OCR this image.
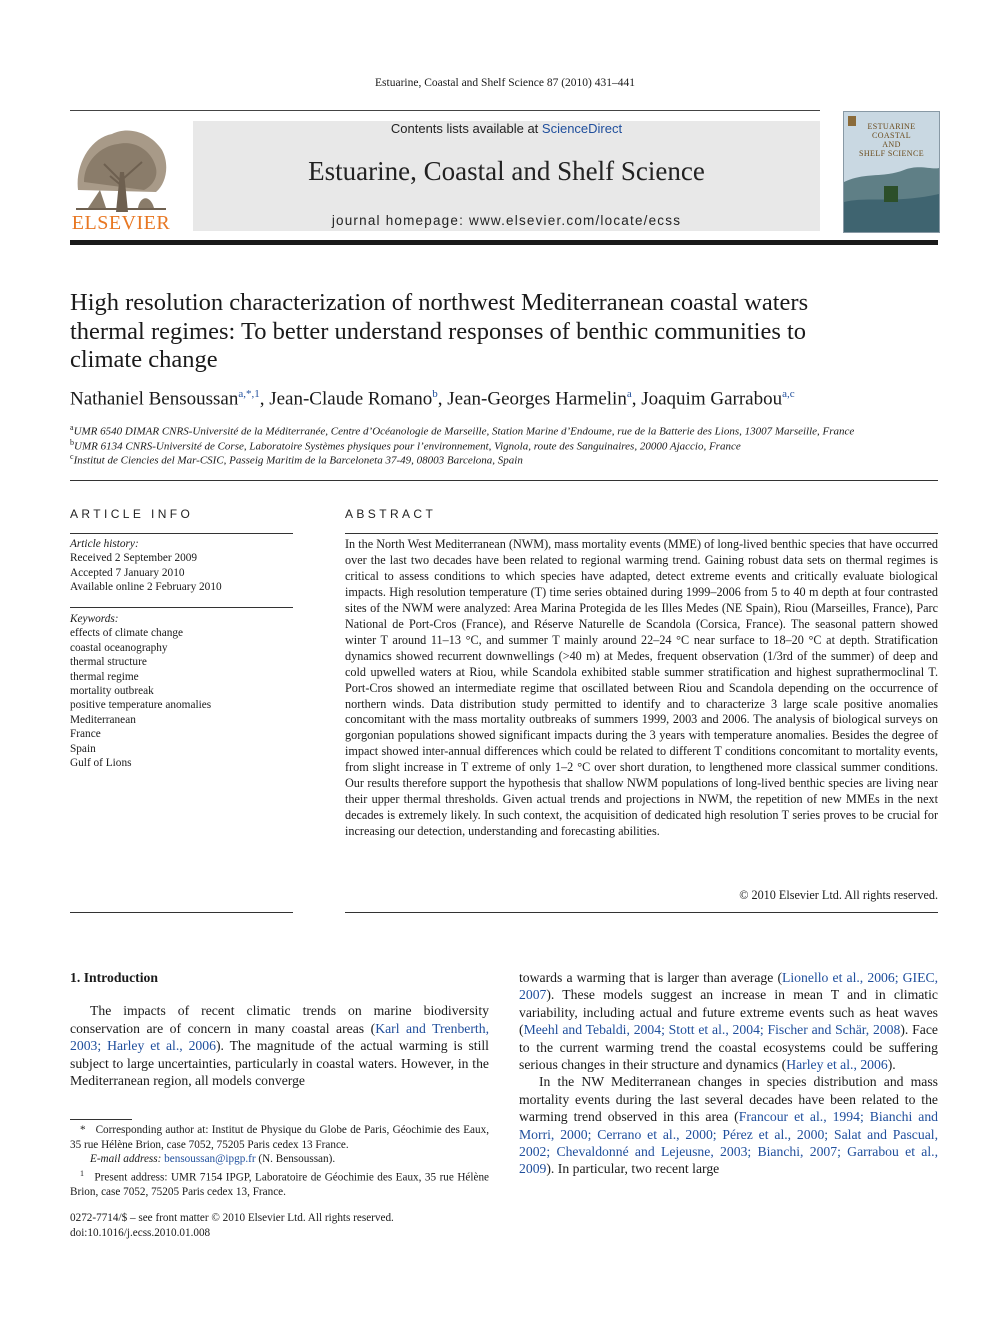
Estuarine, Coastal and Shelf Science 87 (2010) 431–441
ELSEVIER
Contents lists available at ScienceDirect
Estuarine, Coastal and Shelf Science
journal homepage: www.elsevier.com/locate/ecss
ESTUARINE
COASTAL
AND
SHELF SCIENCE
High resolution characterization of northwest Mediterranean coastal waters
thermal regimes: To better understand responses of benthic communities to
climate change
Nathaniel Bensoussan$^{a,*,1}$, Jean-Claude Romano$^b$, Jean-Georges Harmelin$^a$, Joaquim Garrabou$^{a,c}$
$^a$UMR 6540 DIMAR CNRS-Université de la Méditerranée, Centre d’Océanologie de Marseille, Station Marine d’Endoume, rue de la Batterie des Lions, 13007 Marseille, France
$^b$UMR 6134 CNRS-Université de Corse, Laboratoire Systèmes physiques pour l’environnement, Vignola, route des Sanguinaires, 20000 Ajaccio, France
$^c$Institut de Ciencies del Mar-CSIC, Passeig Maritim de la Barceloneta 37-49, 08003 Barcelona, Spain
ARTICLE INFO
Article history:
Received 2 September 2009
Accepted 7 January 2010
Available online 2 February 2010
Keywords:
effects of climate change
coastal oceanography
thermal structure
thermal regime
mortality outbreak
positive temperature anomalies
Mediterranean
France
Spain
Gulf of Lions
ABSTRACT
In the North West Mediterranean (NWM), mass mortality events (MME) of long-lived benthic species that have occurred over the last two decades have been related to regional warming trend. Gaining robust data sets on thermal regimes is critical to assess conditions to which species have adapted, detect extreme events and critically evaluate biological impacts. High resolution temperature (T) time series obtained during 1999–2006 from 5 to 40 m depth at four contrasted sites of the NWM were analyzed: Area Marina Protegida de les Illes Medes (NE Spain), Riou (Marseilles, France), Parc National de Port-Cros (France), and Réserve Naturelle de Scandola (Corsica, France). The seasonal pattern showed winter T around 11–13 °C, and summer T mainly around 22–24 °C near surface to 18–20 °C at depth. Stratification dynamics showed recurrent downwellings (>40 m) at Medes, frequent observation (1/3rd of the summer) of deep and cold upwelled waters at Riou, while Scandola exhibited stable summer stratification and highest suprathermoclinal T. Port-Cros showed an intermediate regime that oscillated between Riou and Scandola depending on the occurrence of northern winds. Data distribution study permitted to identify and to characterize 3 large scale positive anomalies concomitant with the mass mortality outbreaks of summers 1999, 2003 and 2006. The analysis of biological surveys on gorgonian populations showed significant impacts during the 3 years with temperature anomalies. Besides the degree of impact showed inter-annual differences which could be related to different T conditions concomitant to mortality events, from slight increase in T extreme of only 1–2 °C over short duration, to lengthened more classical summer conditions. Our results therefore support the hypothesis that shallow NWM populations of long-lived benthic species are living near their upper thermal thresholds. Given actual trends and projections in NWM, the repetition of new MMEs in the next decades is extremely likely. In such context, the acquisition of dedicated high resolution T series proves to be crucial for increasing our detection, understanding and forecasting abilities.
© 2010 Elsevier Ltd. All rights reserved.

1. Introduction

The impacts of recent climatic trends on marine biodiversity conservation are of concern in many coastal areas (Karl and Trenberth, 2003; Harley et al., 2006). The magnitude of the actual warming is still subject to large uncertainties, particularly in coastal waters. However, in the Mediterranean region, all models converge

towards a warming that is larger than average (Lionello et al., 2006; GIEC, 2007). These models suggest an increase in mean T and in climatic variability, including actual and future extreme events such as heat waves (Meehl and Tebaldi, 2004; Stott et al., 2004; Fischer and Schär, 2008). Face to the current warming trend the coastal ecosystems could be suffering serious changes in their structure and dynamics (Harley et al., 2006).

In the NW Mediterranean changes in species distribution and mass mortality events during the last several decades have been related to the warming trend observed in this area (Francour et al., 1994; Bianchi and Morri, 2000; Cerrano et al., 2000; Pérez et al., 2000; Salat and Pascual, 2002; Chevaldonné and Lejeusne, 2003; Bianchi, 2007; Garrabou et al., 2009). In particular, two recent large

* Corresponding author at: Institut de Physique du Globe de Paris, Géochimie des Eaux, 35 rue Hélène Brion, case 7052, 75205 Paris cedex 13 France.
E-mail address: bensoussan@ipgp.fr (N. Bensoussan).
$^1$ Present address: UMR 7154 IPGP, Laboratoire de Géochimie des Eaux, 35 rue Hélène Brion, case 7052, 75205 Paris cedex 13, France.
0272-7714/$ – see front matter © 2010 Elsevier Ltd. All rights reserved.
doi:10.1016/j.ecss.2010.01.008
